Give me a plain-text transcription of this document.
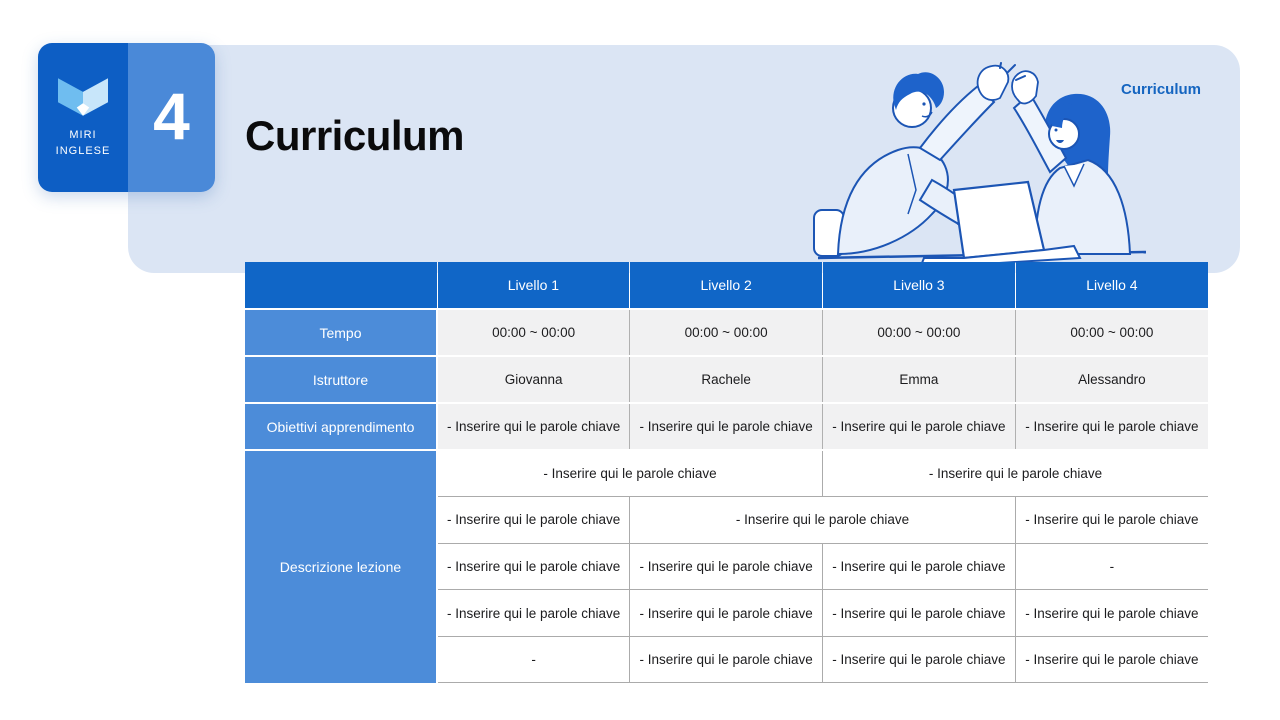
MIRI
INGLESE 4 Curriculum
Curriculum
	Livello 1	Livello 2	Livello 3	Livello 4
Tempo	00:00 ~ 00:00	00:00 ~ 00:00	00:00 ~ 00:00	00:00 ~ 00:00
Istruttore	Giovanna	Rachele	Emma	Alessandro
Obiettivi apprendimento	- Inserire qui le parole chiave	- Inserire qui le parole chiave	- Inserire qui le parole chiave	- Inserire qui le parole chiave
Descrizione lezione	- Inserire qui le parole chiave		- Inserire qui le parole chiave	
	- Inserire qui le parole chiave	- Inserire qui le parole chiave		- Inserire qui le parole chiave
	- Inserire qui le parole chiave	- Inserire qui le parole chiave	- Inserire qui le parole chiave	-
	- Inserire qui le parole chiave	- Inserire qui le parole chiave	- Inserire qui le parole chiave	- Inserire qui le parole chiave
	-	- Inserire qui le parole chiave	- Inserire qui le parole chiave	- Inserire qui le parole chiave
